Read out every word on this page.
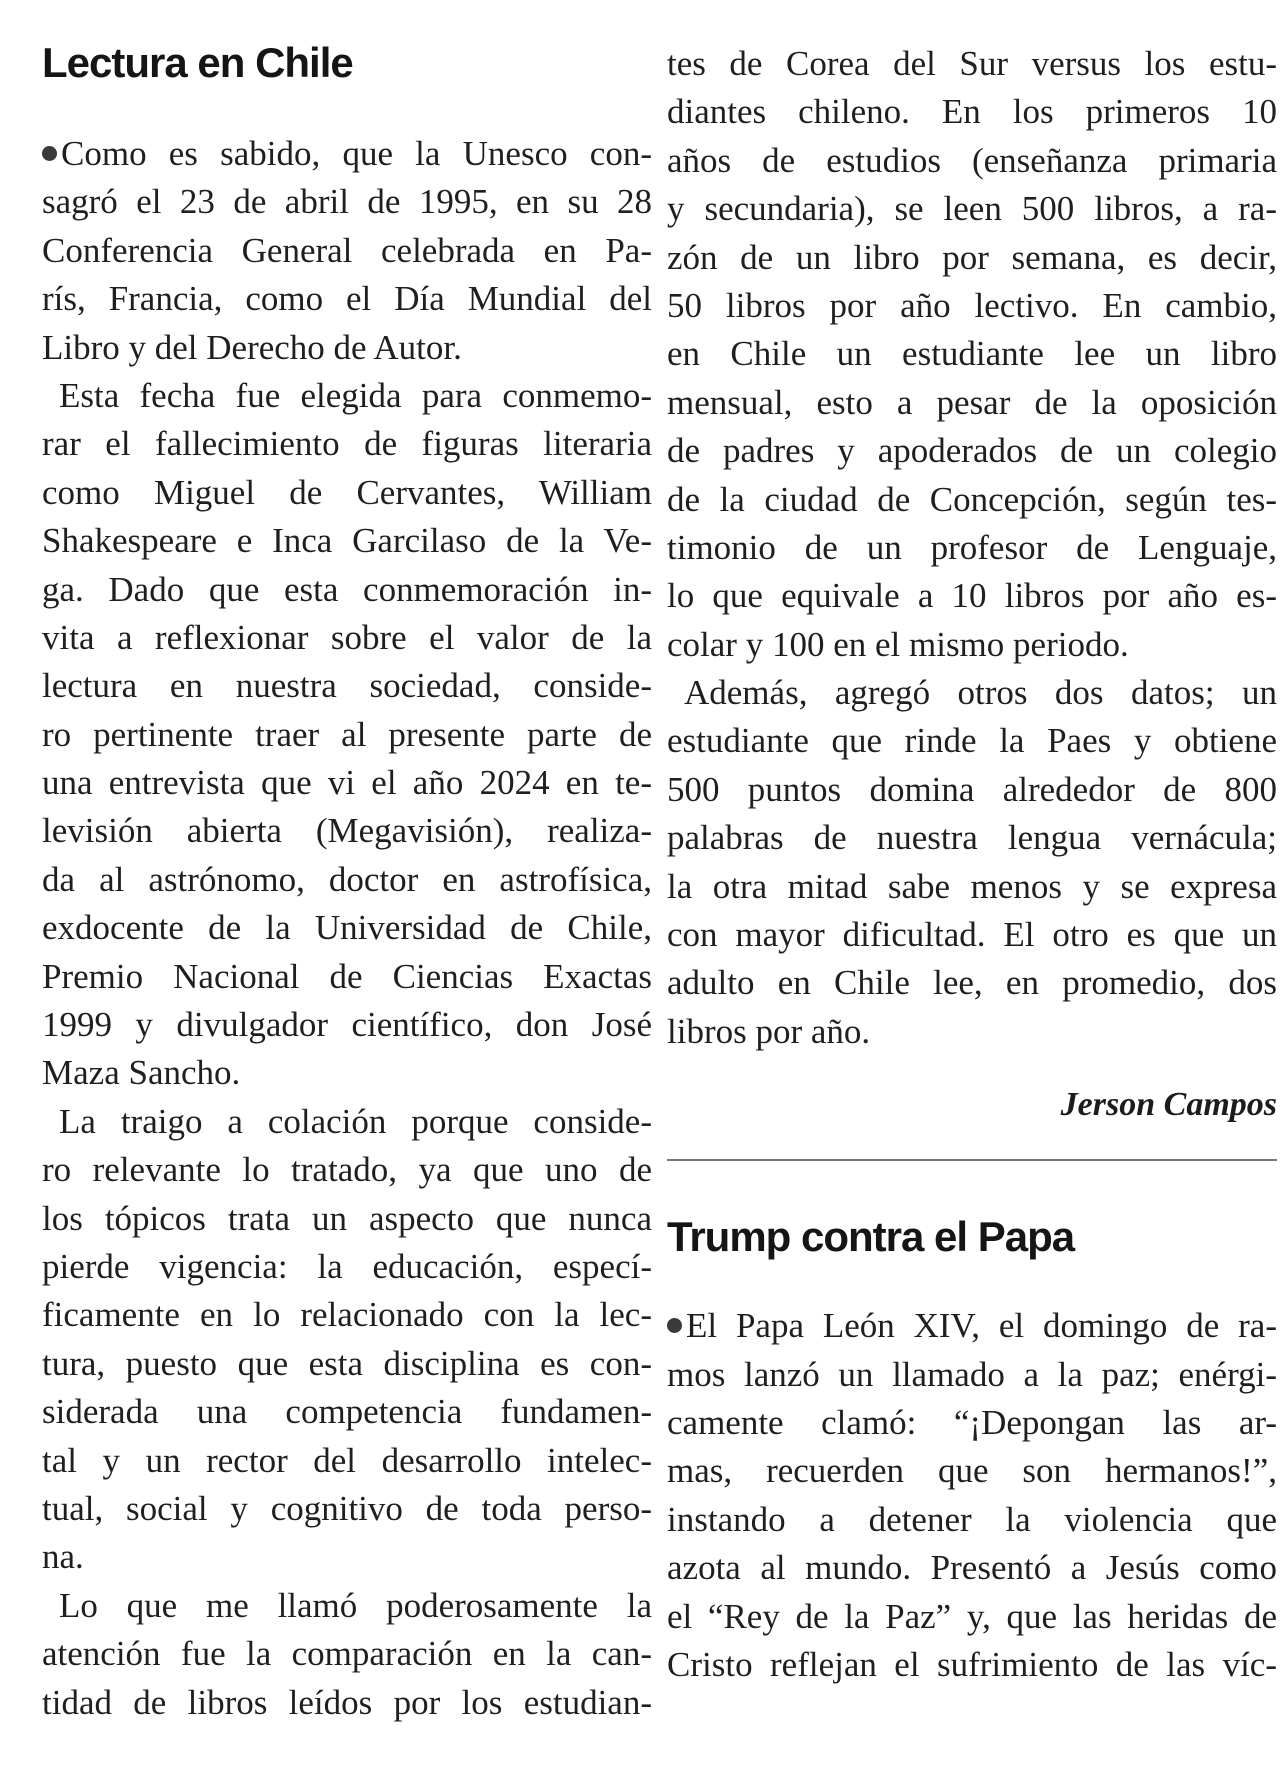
Lectura en Chile
Como es sabido, que la Unesco con-
sagró el 23 de abril de 1995, en su 28
Conferencia General celebrada en Pa-
rís, Francia, como el Día Mundial del
Libro y del Derecho de Autor.
Esta fecha fue elegida para conmemo-
rar el fallecimiento de figuras literaria
como Miguel de Cervantes, William
Shakespeare e Inca Garcilaso de la Ve-
ga. Dado que esta conmemoración in-
vita a reflexionar sobre el valor de la
lectura en nuestra sociedad, conside-
ro pertinente traer al presente parte de
una entrevista que vi el año 2024 en te-
levisión abierta (Megavisión), realiza-
da al astrónomo, doctor en astrofísica,
exdocente de la Universidad de Chile,
Premio Nacional de Ciencias Exactas
1999 y divulgador científico, don José
Maza Sancho.
La traigo a colación porque conside-
ro relevante lo tratado, ya que uno de
los tópicos trata un aspecto que nunca
pierde vigencia: la educación, especí-
ficamente en lo relacionado con la lec-
tura, puesto que esta disciplina es con-
siderada una competencia fundamen-
tal y un rector del desarrollo intelec-
tual, social y cognitivo de toda perso-
na.
Lo que me llamó poderosamente la
atención fue la comparación en la can-
tidad de libros leídos por los estudian-
tes de Corea del Sur versus los estu-
diantes chileno. En los primeros 10
años de estudios (enseñanza primaria
y secundaria), se leen 500 libros, a ra-
zón de un libro por semana, es decir,
50 libros por año lectivo. En cambio,
en Chile un estudiante lee un libro
mensual, esto a pesar de la oposición
de padres y apoderados de un colegio
de la ciudad de Concepción, según tes-
timonio de un profesor de Lenguaje,
lo que equivale a 10 libros por año es-
colar y 100 en el mismo periodo.
Además, agregó otros dos datos; un
estudiante que rinde la Paes y obtiene
500 puntos domina alrededor de 800
palabras de nuestra lengua vernácula;
la otra mitad sabe menos y se expresa
con mayor dificultad. El otro es que un
adulto en Chile lee, en promedio, dos
libros por año.
Jerson Campos
Trump contra el Papa
El Papa León XIV, el domingo de ra-
mos lanzó un llamado a la paz; enérgi-
camente clamó: “¡Depongan las ar-
mas, recuerden que son hermanos!”,
instando a detener la violencia que
azota al mundo. Presentó a Jesús como
el “Rey de la Paz” y, que las heridas de
Cristo reflejan el sufrimiento de las víc-
